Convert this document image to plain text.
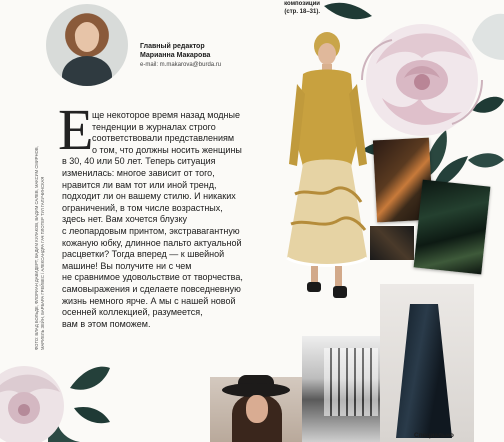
Главный редактор
Марианна Макарова
e-mail: m.makarova@burda.ru
композиции
(стр. 18–31).
ФОТО: ВЛАД БОЛЬДЕ, ФЛОРИАН ДАВИДЕРТ, ВАДИМ КУЛАКОВ, ВАДИМ САЛЕВ, МАКСИМ СМИРНОВ, МАРИЕЛЬ ЗЕЙН, БАРБАРА ГРЕЙВЕС / АЛЕКСАНДРА ГАЧ ПЛОТЕР ТУЛ ГАЛУЧИНСКАЯ
Е
ще некоторое время назад модные
тенденции в журналах строго
соответствовали представлениям
о том, что должны носить женщины
в 30, 40 или 50 лет. Теперь ситуация
изменилась: многое зависит от того,
нравится ли вам тот или иной тренд,
подходит ли он вашему стилю. И никаких
ограничений, в том числе возрастных,
здесь нет. Вам хочется блузку
с леопардовым принтом, экстравагантную
кожаную юбку, длинное пальто актуальной
расцветки? Тогда вперед — к швейной
машине! Вы получите ни с чем
не сравнимое удовольствие от творчества,
самовыражения и сделаете повседневную
жизнь немного ярче. А мы с нашей новой
осенней коллекцией, разумеется,
вам в этом поможем.
Специально
